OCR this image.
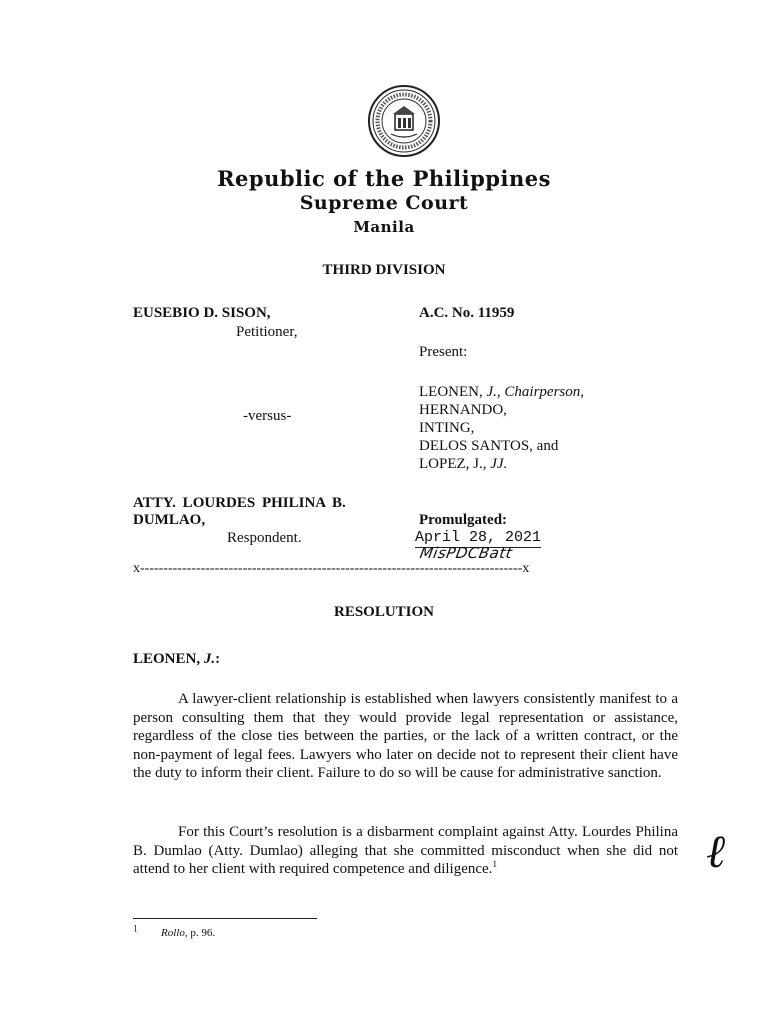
Republic of the Philippines
Supreme Court
Manila
THIRD DIVISION
EUSEBIO D. SISON,
Petitioner,
-versus-
ATTY. LOURDES PHILINA B.
DUMLAO,
Respondent.
A.C. No. 11959
Present:
LEONEN, J., Chairperson,
HERNANDO,
INTING,
DELOS SANTOS, and
LOPEZ, J., JJ.
Promulgated:
April 28, 2021
MisPDCBatt
x----------------------------------------------------------------------------------x
RESOLUTION
LEONEN, J.:
A lawyer-client relationship is established when lawyers consistently manifest to a person consulting them that they would provide legal representation or assistance, regardless of the close ties between the parties, or the lack of a written contract, or the non-payment of legal fees. Lawyers who later on decide not to represent their client have the duty to inform their client. Failure to do so will be cause for administrative sanction.
For this Court’s resolution is a disbarment complaint against Atty. Lourdes Philina B. Dumlao (Atty. Dumlao) alleging that she committed misconduct when she did not attend to her client with required competence and diligence.$^1$	ℓ
$^1$ Rollo, p. 96.
